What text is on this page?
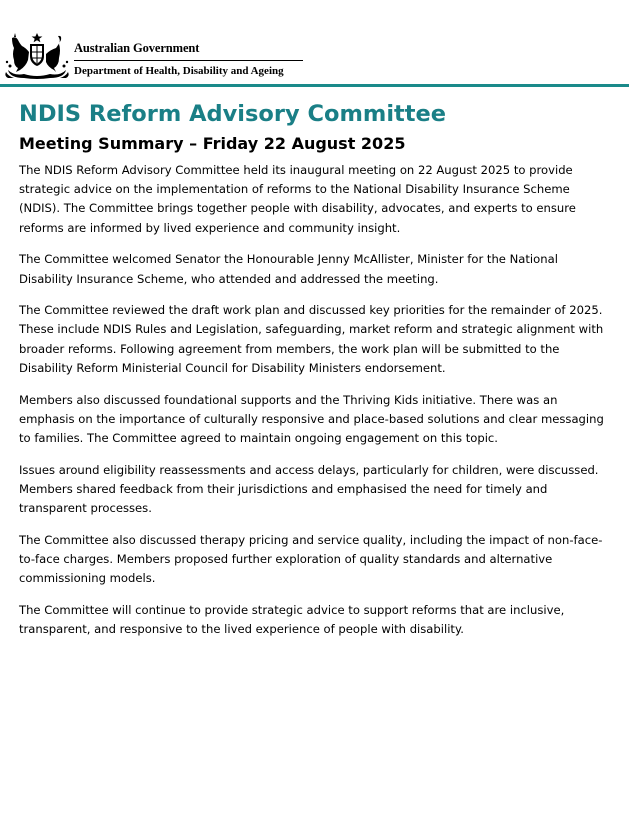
Australian Government
Department of Health, Disability and Ageing
NDIS Reform Advisory Committee
Meeting Summary – Friday 22 August 2025

The NDIS Reform Advisory Committee held its inaugural meeting on 22 August 2025 to provide
strategic advice on the implementation of reforms to the National Disability Insurance Scheme
(NDIS). The Committee brings together people with disability, advocates, and experts to ensure
reforms are informed by lived experience and community insight.

The Committee welcomed Senator the Honourable Jenny McAllister, Minister for the National
Disability Insurance Scheme, who attended and addressed the meeting.

The Committee reviewed the draft work plan and discussed key priorities for the remainder of 2025.
These include NDIS Rules and Legislation, safeguarding, market reform and strategic alignment with
broader reforms. Following agreement from members, the work plan will be submitted to the
Disability Reform Ministerial Council for Disability Ministers endorsement.

Members also discussed foundational supports and the Thriving Kids initiative. There was an
emphasis on the importance of culturally responsive and place-based solutions and clear messaging
to families. The Committee agreed to maintain ongoing engagement on this topic.

Issues around eligibility reassessments and access delays, particularly for children, were discussed.
Members shared feedback from their jurisdictions and emphasised the need for timely and
transparent processes.

The Committee also discussed therapy pricing and service quality, including the impact of non-face-
to-face charges. Members proposed further exploration of quality standards and alternative
commissioning models.

The Committee will continue to provide strategic advice to support reforms that are inclusive,
transparent, and responsive to the lived experience of people with disability.
